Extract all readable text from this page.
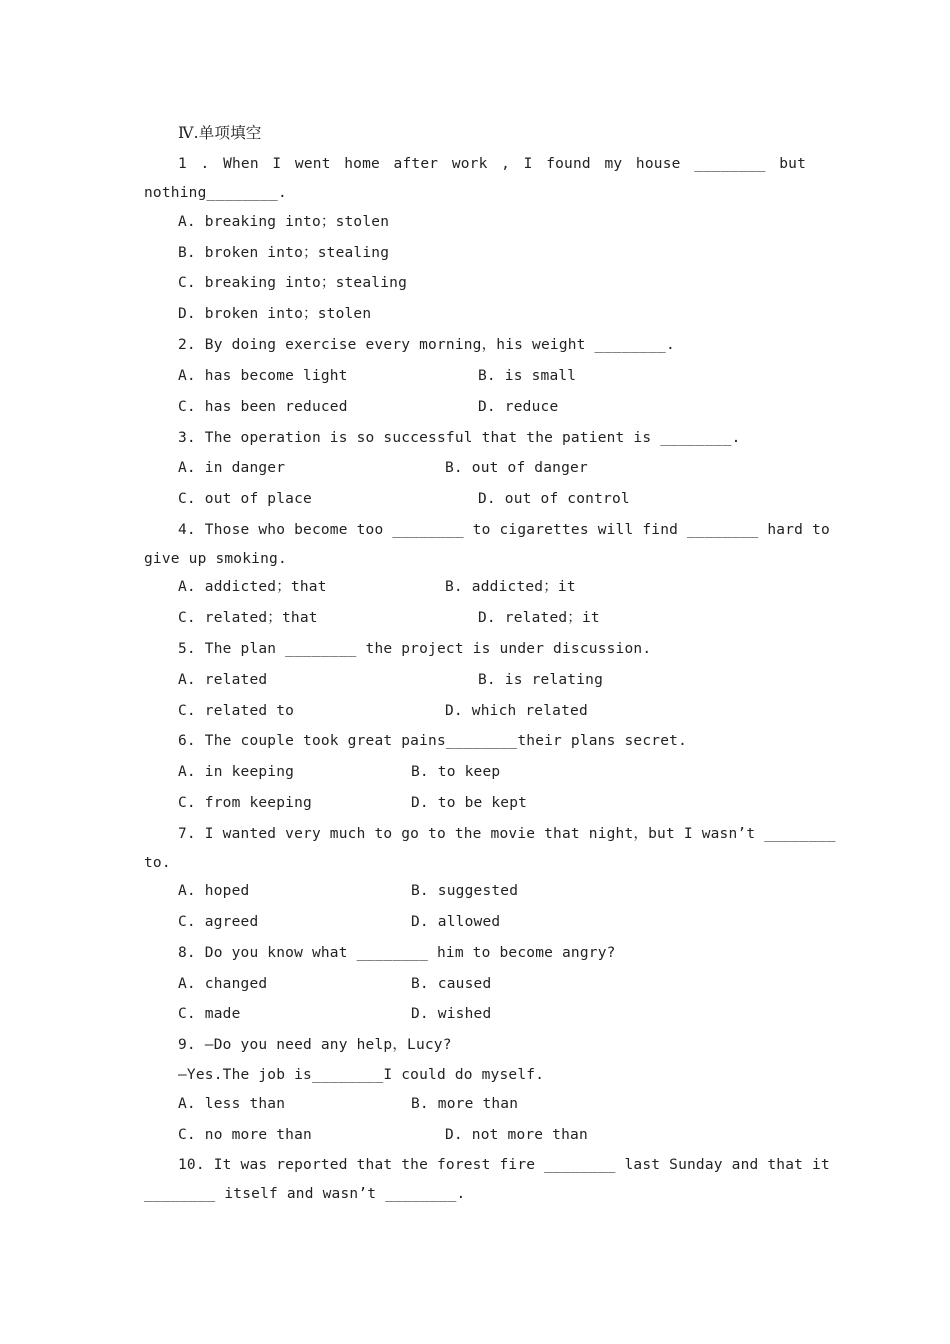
Ⅳ.单项填空
1 . When I went home after work , I found my house ________ but
nothing________.
A. breaking into；stolen
B. broken into；stealing
C. breaking into；stealing
D. broken into；stolen
2. By doing exercise every morning，his weight ________.
A. has become light	B. is small
C. has been reduced	D. reduce
3. The operation is so successful that the patient is ________.
A. in danger	B. out of danger
C. out of place	D. out of control
4. Those who become too ________ to cigarettes will find ________ hard to
give up smoking.
A. addicted；that	B. addicted；it
C. related；that	D. related；it
5. The plan ________ the project is under discussion.
A. related	B. is relating
C. related to	D. which related
6. The couple took great pains________their plans secret.
A. in keeping	B. to keep
C. from keeping	D. to be kept
7. I wanted very much to go to the movie that night，but I wasn’t ________
to.
A. hoped	B. suggested
C. agreed	D. allowed
8. Do you know what ________ him to become angry?
A. changed	B. caused
C. made	D. wished
9. —Do you need any help，Lucy?
—Yes.The job is________I could do myself.
A. less than	B. more than
C. no more than	D. not more than
10. It was reported that the forest fire ________ last Sunday and that it
________ itself and wasn’t ________.
